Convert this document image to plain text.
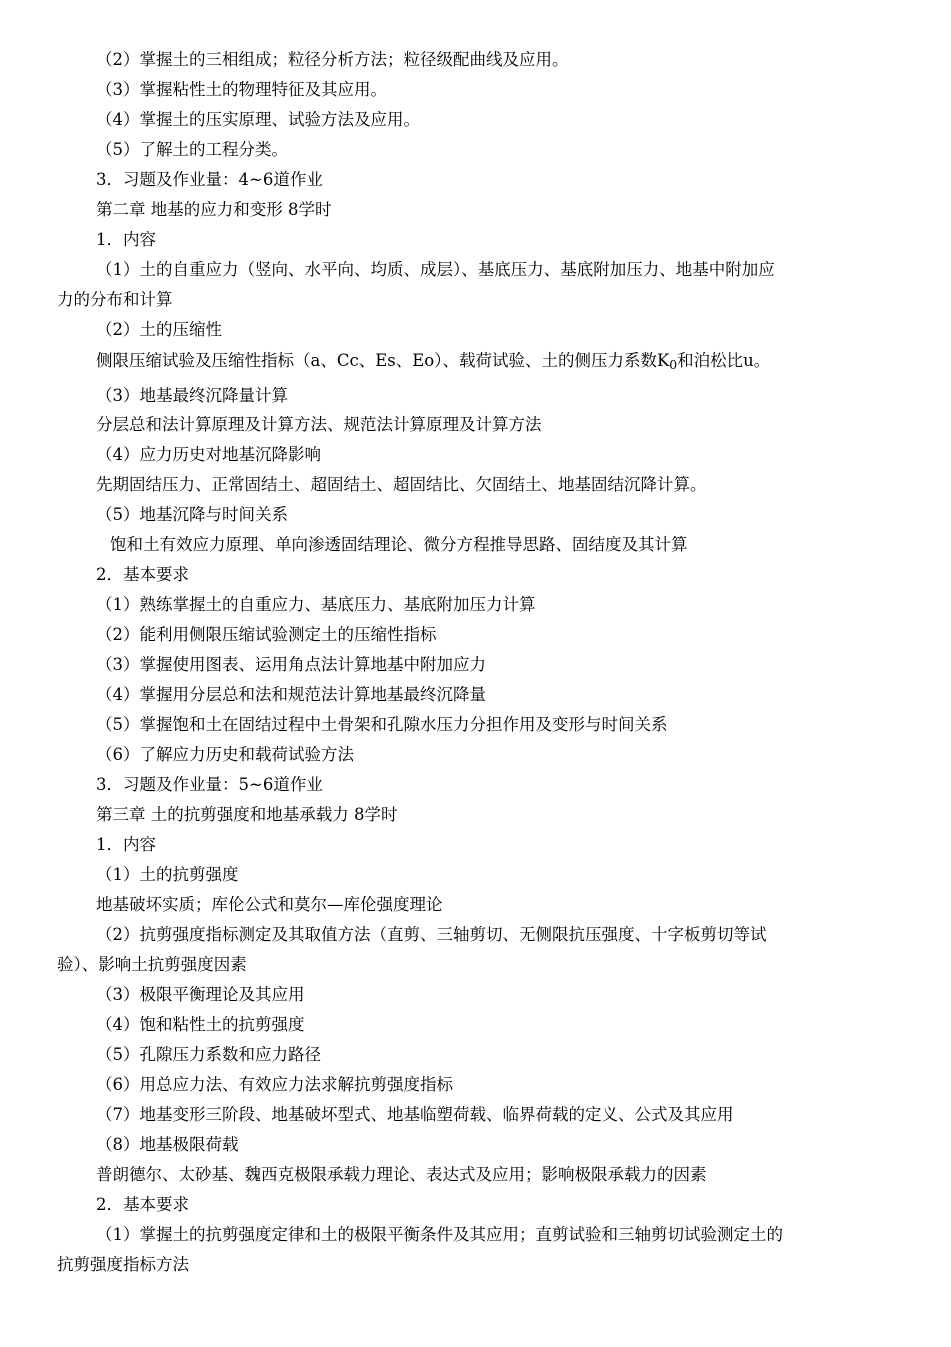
（2）掌握土的三相组成；粒径分析方法；粒径级配曲线及应用。

（3）掌握粘性土的物理特征及其应用。

（4）掌握土的压实原理、试验方法及应用。

（5）了解土的工程分类。

3．习题及作业量：4~6道作业

第二章 地基的应力和变形 8学时

1．内容

（1）土的自重应力（竖向、水平向、均质、成层）、基底压力、基底附加压力、地基中附加应

力的分布和计算

（2）土的压缩性

侧限压缩试验及压缩性指标（a、Cc、Es、Eo）、载荷试验、土的侧压力系数$K_0$和泊松比u。

（3）地基最终沉降量计算

分层总和法计算原理及计算方法、规范法计算原理及计算方法

（4）应力历史对地基沉降影响

先期固结压力、正常固结土、超固结土、超固结比、欠固结土、地基固结沉降计算。

（5）地基沉降与时间关系

饱和土有效应力原理、单向渗透固结理论、微分方程推导思路、固结度及其计算

2．基本要求

（1）熟练掌握土的自重应力、基底压力、基底附加压力计算

（2）能利用侧限压缩试验测定土的压缩性指标

（3）掌握使用图表、运用角点法计算地基中附加应力

（4）掌握用分层总和法和规范法计算地基最终沉降量

（5）掌握饱和土在固结过程中土骨架和孔隙水压力分担作用及变形与时间关系

（6）了解应力历史和载荷试验方法

3．习题及作业量：5~6道作业

第三章 土的抗剪强度和地基承载力 8学时

1．内容

（1）土的抗剪强度

地基破坏实质；库伦公式和莫尔—库伦强度理论

（2）抗剪强度指标测定及其取值方法（直剪、三轴剪切、无侧限抗压强度、十字板剪切等试

验）、影响土抗剪强度因素

（3）极限平衡理论及其应用

（4）饱和粘性土的抗剪强度

（5）孔隙压力系数和应力路径

（6）用总应力法、有效应力法求解抗剪强度指标

（7）地基变形三阶段、地基破坏型式、地基临塑荷载、临界荷载的定义、公式及其应用

（8）地基极限荷载

普朗德尔、太砂基、魏西克极限承载力理论、表达式及应用；影响极限承载力的因素

2．基本要求

（1）掌握土的抗剪强度定律和土的极限平衡条件及其应用；直剪试验和三轴剪切试验测定土的

抗剪强度指标方法
